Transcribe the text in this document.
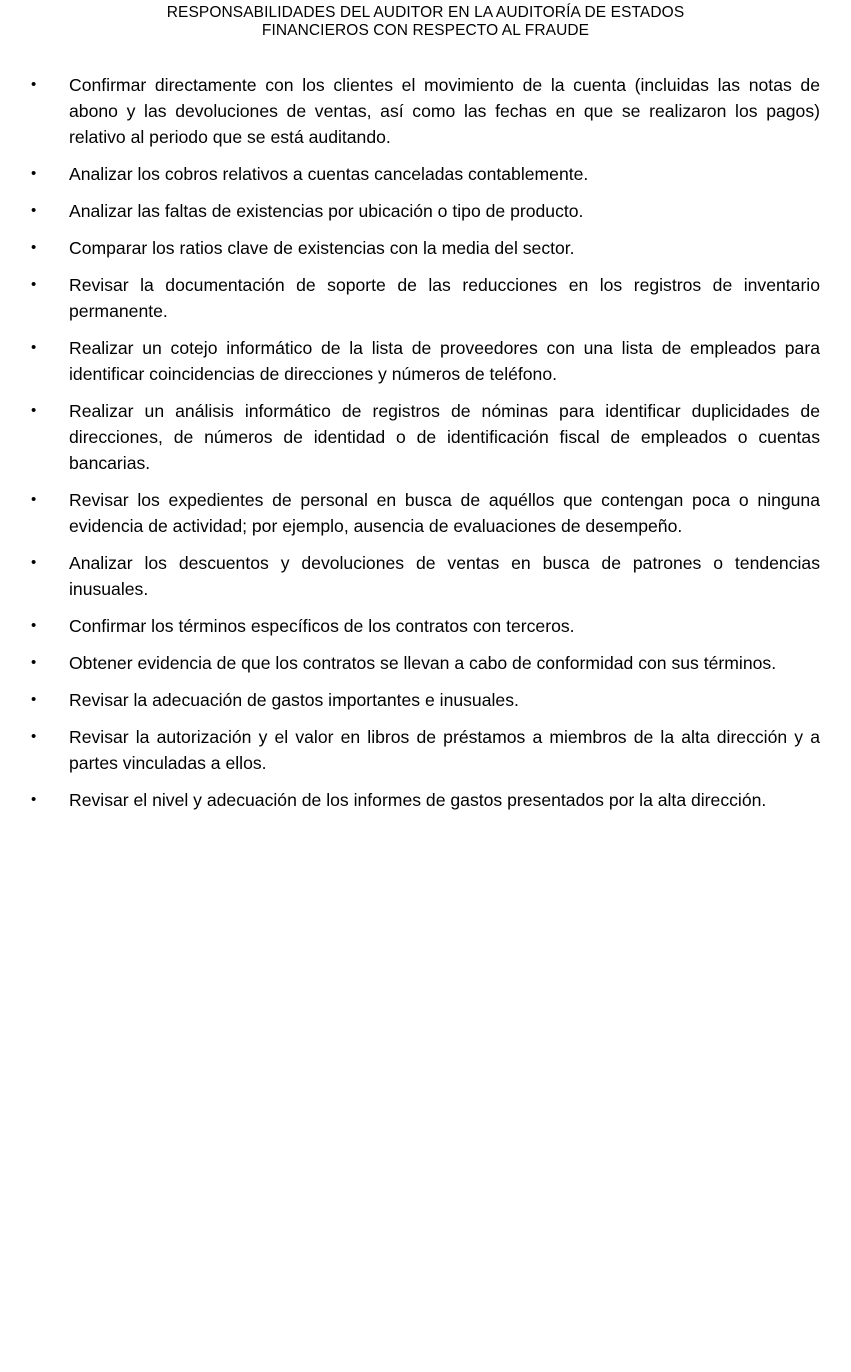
RESPONSABILIDADES DEL AUDITOR EN LA AUDITORÍA DE ESTADOS
FINANCIEROS CON RESPECTO AL FRAUDE
•	Confirmar directamente con los clientes el movimiento de la cuenta (incluidas las notas de abono y las devoluciones de ventas, así como las fechas en que se realizaron los pagos) relativo al periodo que se está auditando.
•	Analizar los cobros relativos a cuentas canceladas contablemente.
•	Analizar las faltas de existencias por ubicación o tipo de producto.
•	Comparar los ratios clave de existencias con la media del sector.
•	Revisar la documentación de soporte de las reducciones en los registros de inventario permanente.
•	Realizar un cotejo informático de la lista de proveedores con una lista de empleados para identificar coincidencias de direcciones y números de teléfono.
•	Realizar un análisis informático de registros de nóminas para identificar duplicidades de direcciones, de números de identidad o de identificación fiscal de empleados o cuentas bancarias.
•	Revisar los expedientes de personal en busca de aquéllos que contengan poca o ninguna evidencia de actividad; por ejemplo, ausencia de evaluaciones de desempeño.
•	Analizar los descuentos y devoluciones de ventas en busca de patrones o tendencias inusuales.
•	Confirmar los términos específicos de los contratos con terceros.
•	Obtener evidencia de que los contratos se llevan a cabo de conformidad con sus términos.
•	Revisar la adecuación de gastos importantes e inusuales.
•	Revisar la autorización y el valor en libros de préstamos a miembros de la alta dirección y a partes vinculadas a ellos.
•	Revisar el nivel y adecuación de los informes de gastos presentados por la alta dirección.
